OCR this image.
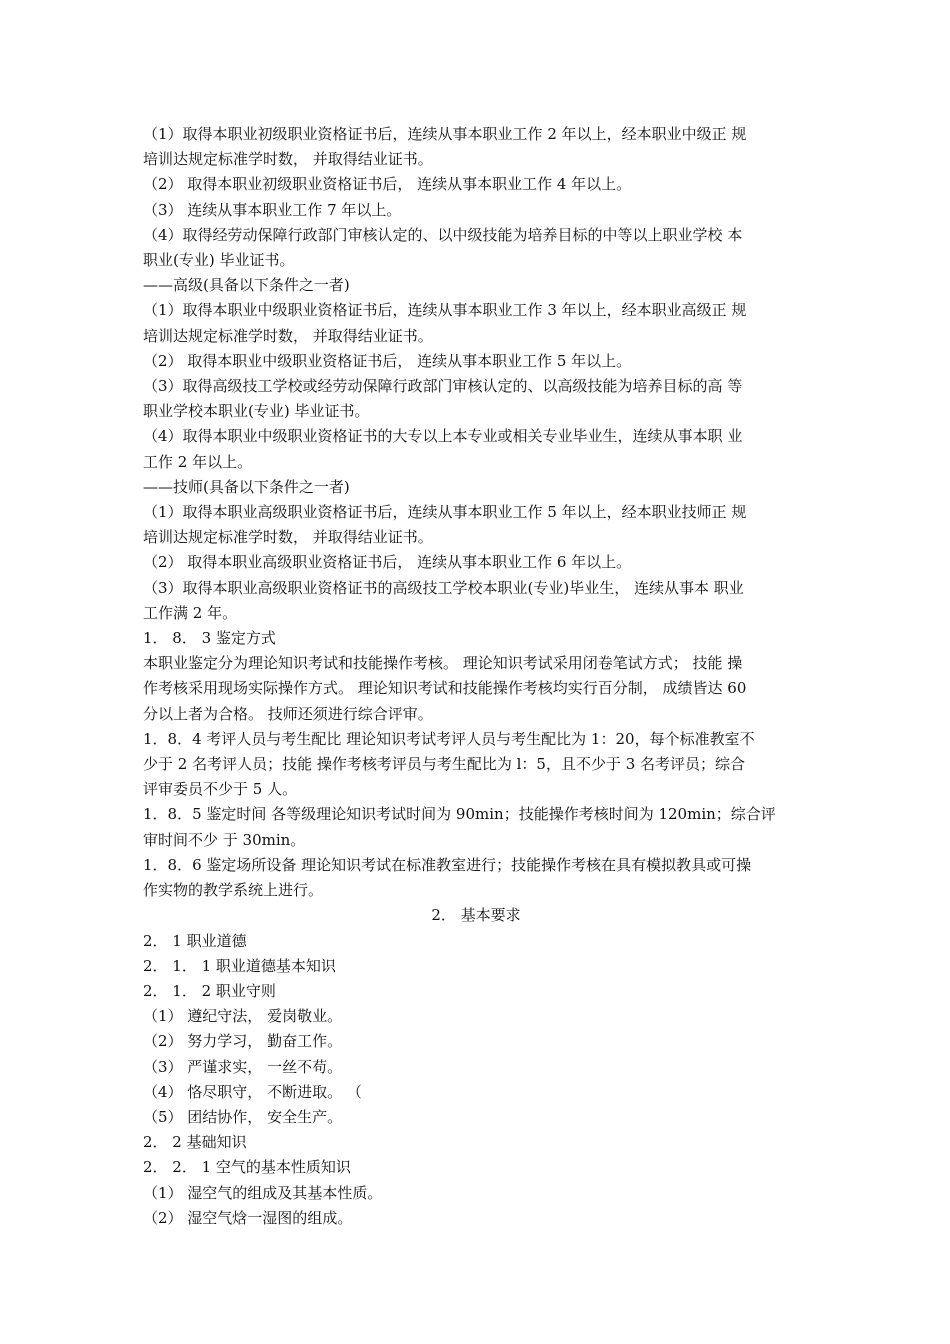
（1）取得本职业初级职业资格证书后，连续从事本职业工作 2 年以上，经本职业中级正 规

培训达规定标准学时数， 并取得结业证书。

（2） 取得本职业初级职业资格证书后， 连续从事本职业工作 4 年以上。

（3） 连续从事本职业工作 7 年以上。

（4）取得经劳动保障行政部门审核认定的、以中级技能为培养目标的中等以上职业学校 本

职业(专业) 毕业证书。

——高级(具备以下条件之一者)

（1）取得本职业中级职业资格证书后，连续从事本职业工作 3 年以上，经本职业高级正 规

培训达规定标准学时数， 并取得结业证书。

（2） 取得本职业中级职业资格证书后， 连续从事本职业工作 5 年以上。

（3）取得高级技工学校或经劳动保障行政部门审核认定的、以高级技能为培养目标的高 等

职业学校本职业(专业) 毕业证书。

（4）取得本职业中级职业资格证书的大专以上本专业或相关专业毕业生，连续从事本职 业

工作 2 年以上。

——技师(具备以下条件之一者)

（1）取得本职业高级职业资格证书后，连续从事本职业工作 5 年以上，经本职业技师正 规

培训达规定标准学时数， 并取得结业证书。

（2） 取得本职业高级职业资格证书后， 连续从事本职业工作 6 年以上。

（3）取得本职业高级职业资格证书的高级技工学校本职业(专业)毕业生， 连续从事本 职业

工作满 2 年。

1． 8． 3 鉴定方式

本职业鉴定分为理论知识考试和技能操作考核。 理论知识考试采用闭卷笔试方式； 技能 操

作考核采用现场实际操作方式。 理论知识考试和技能操作考核均实行百分制， 成绩皆达 60

分以上者为合格。 技师还须进行综合评审。

1．8．4 考评人员与考生配比 理论知识考试考评人员与考生配比为 1：20，每个标准教室不

少于 2 名考评人员；技能 操作考核考评员与考生配比为 l：5，且不少于 3 名考评员；综合

评审委员不少于 5 人。

1．8．5 鉴定时间 各等级理论知识考试时间为 90min；技能操作考核时间为 120min；综合评

审时间不少 于 30min。

1．8．6 鉴定场所设备 理论知识考试在标准教室进行；技能操作考核在具有模拟教具或可操

作实物的教学系统上进行。

2． 基本要求

2． 1 职业道德

2． 1． 1 职业道德基本知识

2． 1． 2 职业守则

（1） 遵纪守法， 爱岗敬业。

（2） 努力学习， 勤奋工作。

（3） 严谨求实， 一丝不苟。

（4） 恪尽职守， 不断进取。 （

（5） 团结协作， 安全生产。

2． 2 基础知识

2． 2． 1 空气的基本性质知识

（1） 湿空气的组成及其基本性质。

（2） 湿空气焓一湿图的组成。
